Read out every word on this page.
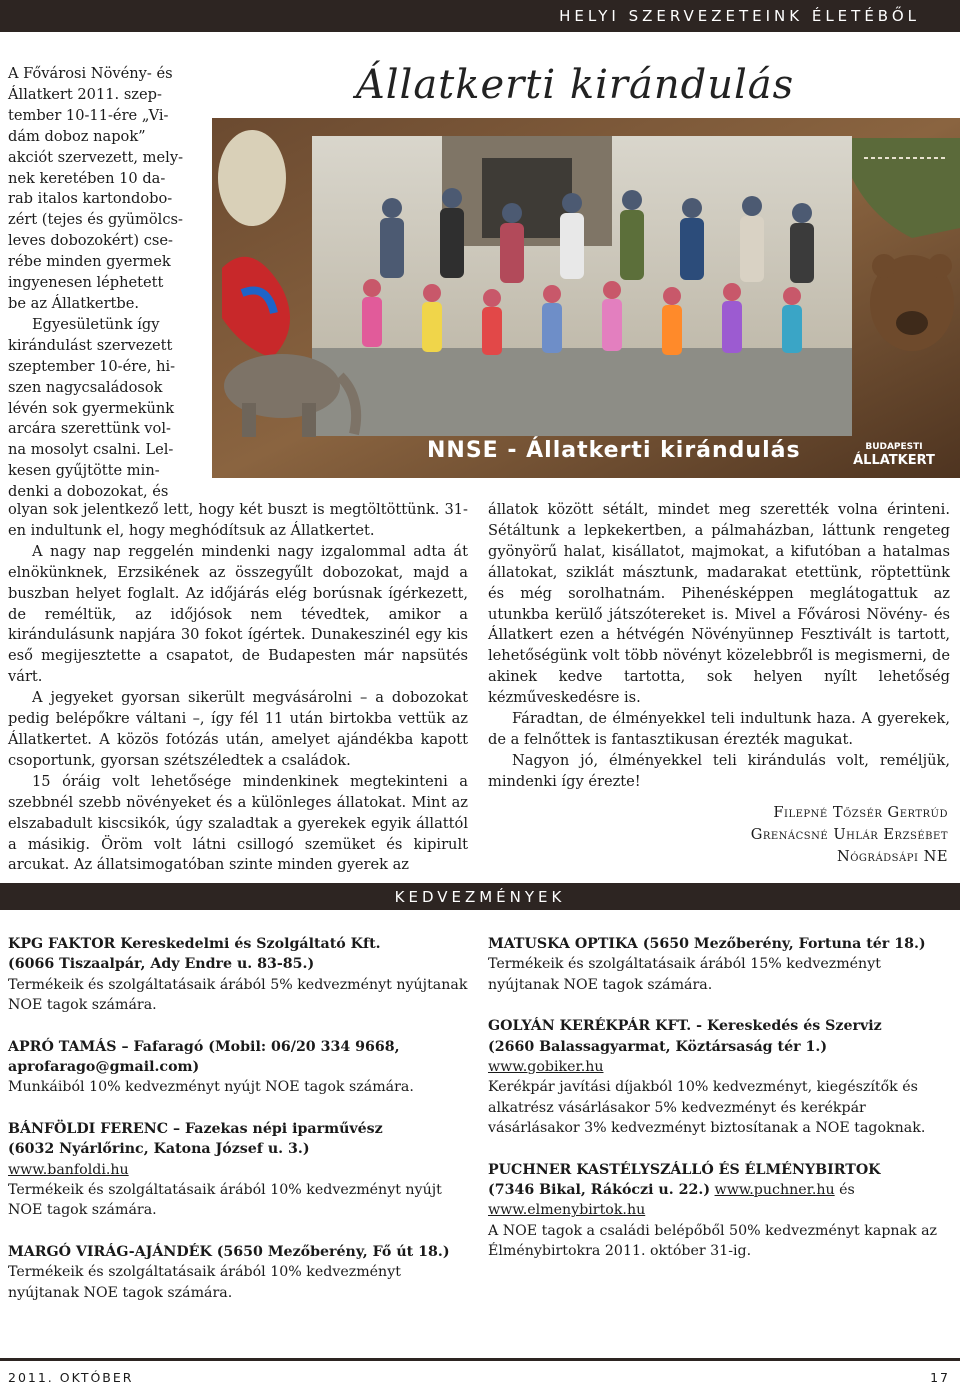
HELYI SZERVEZETEINK ÉLETÉBŐL
Állatkerti kirándulás
A Fővárosi Növény- és
Állatkert 2011. szep-
tember 10-11-ére „Vi-
dám doboz napok”
akciót szervezett, mely-
nek keretében 10 da-
rab italos kartondobo-
zért (tejes és gyümölcs-
leves dobozokért) cse-
rébe minden gyermek
ingyenesen léphetett
be az Állatkertbe.
Egyesületünk így
kirándulást szervezett
szeptember 10-ére, hi-
szen nagycsaládosok
lévén sok gyermekünk
arcára szerettünk vol-
na mosolyt csalni. Lel-
kesen gyűjtötte min-
denki a dobozokat, és
NNSE - Állatkerti kirándulás	BUDAPESTI
ÁLLATKERT

olyan sok jelentkező lett, hogy két buszt is megtöltöttünk. 31-en indultunk el, hogy meghódítsuk az Állatkertet.

A nagy nap reggelén mindenki nagy izgalommal adta át elnökünknek, Erzsikének az összegyűlt dobozokat, majd a buszban helyet foglalt. Az időjárás elég borúsnak ígérkezett, de reméltük, az időjósok nem tévedtek, amikor a kirándulásunk napjára 30 fokot ígértek. Dunakeszinél egy kis eső megijesztette a csapatot, de Budapesten már napsütés várt.

A jegyeket gyorsan sikerült megvásárolni – a dobozokat pedig belépőkre váltani –, így fél 11 után birtokba vettük az Állatkertet. A közös fotózás után, amelyet ajándékba kapott csoportunk, gyorsan szétszéledtek a családok.

15 óráig volt lehetősége mindenkinek megtekinteni a szebbnél szebb növényeket és a különleges állatokat. Mint az elszabadult kiscsikók, úgy szaladtak a gyerekek egyik állattól a másikig. Öröm volt látni csillogó szemüket és kipirult arcukat. Az állatsimogatóban szinte minden gyerek az

állatok között sétált, mindet meg szerették volna érinteni. Sétáltunk a lepkekertben, a pálmaházban, láttunk rengeteg gyönyörű halat, kisállatot, majmokat, a kifutóban a hatalmas állatokat, sziklát másztunk, madarakat etettünk, röptettünk és még sorolhatnám. Pihenésképpen meglátogattuk az utunkba kerülő játszótereket is. Mivel a Fővárosi Növény- és Állatkert ezen a hétvégén Növényünnep Fesztivált is tartott, lehetőségünk volt több növényt közelebbről is megismerni, de akinek kedve tartotta, sok helyen nyílt lehetőség kézműveskedésre is.

Fáradtan, de élményekkel teli indultunk haza. A gyerekek, de a felnőttek is fantasztikusan érezték magukat.

Nagyon jó, élményekkel teli kirándulás volt, reméljük, mindenki így érezte!

Filepné Tőzsér Gertrúd
Grenácsné Uhlár Erzsébet
Nógrádsápi NE
KEDVEZMÉNYEK
KPG FAKTOR Kereskedelmi és Szolgáltató Kft.
(6066 Tiszaalpár, Ady Endre u. 83-85.)
Termékeik és szolgáltatásaik árából 5% kedvezményt nyújtanak NOE tagok számára.
APRÓ TAMÁS – Fafaragó (Mobil: 06/20 334 9668,
aprofarago@gmail.com)
Munkáiból 10% kedvezményt nyújt NOE tagok számára.
BÁNFÖLDI FERENC – Fazekas népi iparművész
(6032 Nyárlőrinc, Katona József u. 3.)
www.banfoldi.hu
Termékeik és szolgáltatásaik árából 10% kedvezményt nyújt NOE tagok számára.
MARGÓ VIRÁG-AJÁNDÉK (5650 Mezőberény, Fő út 18.)
Termékeik és szolgáltatásaik árából 10% kedvezményt nyújtanak NOE tagok számára.
MATUSKA OPTIKA (5650 Mezőberény, Fortuna tér 18.)
Termékeik és szolgáltatásaik árából 15% kedvezményt nyújtanak NOE tagok számára.
GOLYÁN KERÉKPÁR KFT. - Kereskedés és Szerviz
(2660 Balassagyarmat, Köztársaság tér 1.)
www.gobiker.hu
Kerékpár javítási díjakból 10% kedvezményt, kiegészítők és alkatrész vásárlásakor 5% kedvezményt és kerékpár vásárlásakor 3% kedvezményt biztosítanak a NOE tagoknak.
PUCHNER KASTÉLYSZÁLLÓ ÉS ÉLMÉNYBIRTOK
(7346 Bikal, Rákóczi u. 22.) www.puchner.hu és
www.elmenybirtok.hu
A NOE tagok a családi belépőből 50% kedvezményt kapnak az Élménybirtokra 2011. október 31-ig.
2011. OKTÓBER	17
